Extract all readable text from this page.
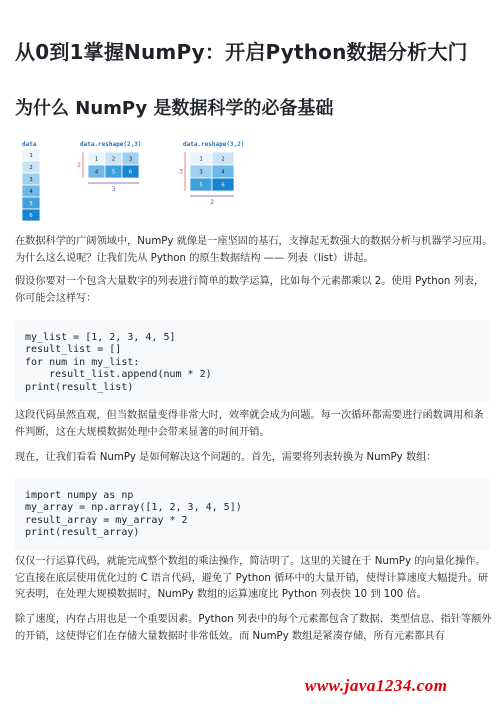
从0到1掌握NumPy：开启Python数据分析大门
为什么 NumPy 是数据科学的必备基础
data
1
2
3
4
5
6
data.reshape(2,3)
1 2 3
4 5 6
2
3
data.reshape(3,2)
1	2
3	4
5	6
3
2
在数据科学的广阔领域中，NumPy 就像是一座坚固的基石，支撑起无数强大的数据分析与机器学习应用。为什么这么说呢？让我们先从 Python 的原生数据结构 —— 列表（list）讲起。
假设你要对一个包含大量数字的列表进行简单的数学运算，比如每个元素都乘以 2。使用 Python 列表，你可能会这样写：
my_list = [1, 2, 3, 4, 5]
result_list = []
for num in my_list:
result_list.append(num * 2)
print(result_list)
这段代码虽然直观，但当数据量变得非常大时，效率就会成为问题。每一次循环都需要进行函数调用和条件判断，这在大规模数据处理中会带来显著的时间开销。
现在，让我们看看 NumPy 是如何解决这个问题的。首先，需要将列表转换为 NumPy 数组：
import numpy as np
my_array = np.array([1, 2, 3, 4, 5])
result_array = my_array * 2
print(result_array)
仅仅一行运算代码，就能完成整个数组的乘法操作，简洁明了。这里的关键在于 NumPy 的向量化操作。它直接在底层使用优化过的 C 语言代码，避免了 Python 循环中的大量开销，使得计算速度大幅提升。研究表明，在处理大规模数据时，NumPy 数组的运算速度比 Python 列表快 10 到 100 倍。
除了速度，内存占用也是一个重要因素。Python 列表中的每个元素都包含了数据、类型信息、指针等额外的开销，这使得它们在存储大量数据时非常低效。而 NumPy 数组是紧凑存储，所有元素都具有
www.java1234.com
